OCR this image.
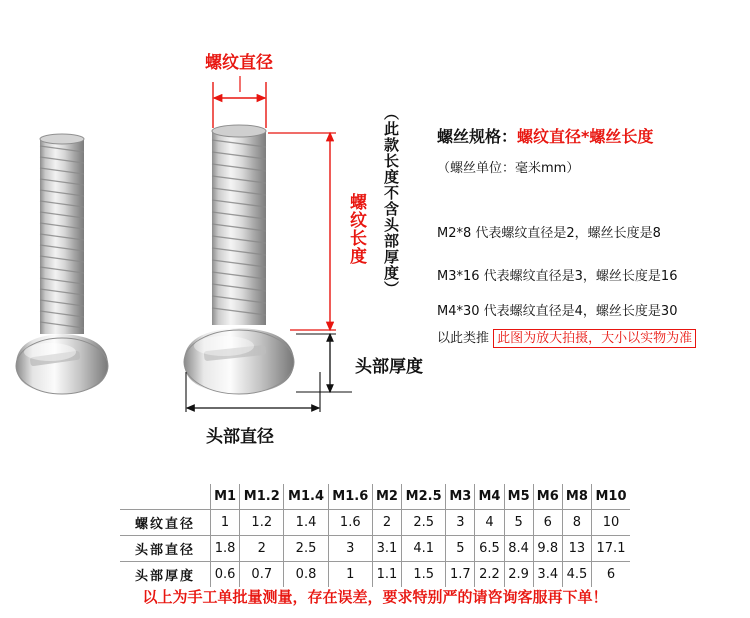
螺纹直径
螺纹长度 （此款长度不含头部厚度）
头部厚度
头部直径
螺丝规格：螺纹直径*螺丝长度
（螺丝单位：毫米mm）
M2*8 代表螺纹直径是2，螺丝长度是8
M3*16 代表螺纹直径是3，螺丝长度是16
M4*30 代表螺纹直径是4，螺丝长度是30
以此类推 此图为放大拍摄，大小以实物为准
	M1	M1.2	M1.4	M1.6	M2	M2.5	M3	M4	M5	M6	M8	M10
螺纹直径	1	1.2	1.4	1.6	2	2.5	3	4	5	6	8	10
头部直径	1.8	2	2.5	3	3.1	4.1	5	6.5	8.4	9.8	13	17.1
头部厚度	0.6	0.7	0.8	1	1.1	1.5	1.7	2.2	2.9	3.4	4.5	6
以上为手工单批量测量，存在误差，要求特别严的请咨询客服再下单！
